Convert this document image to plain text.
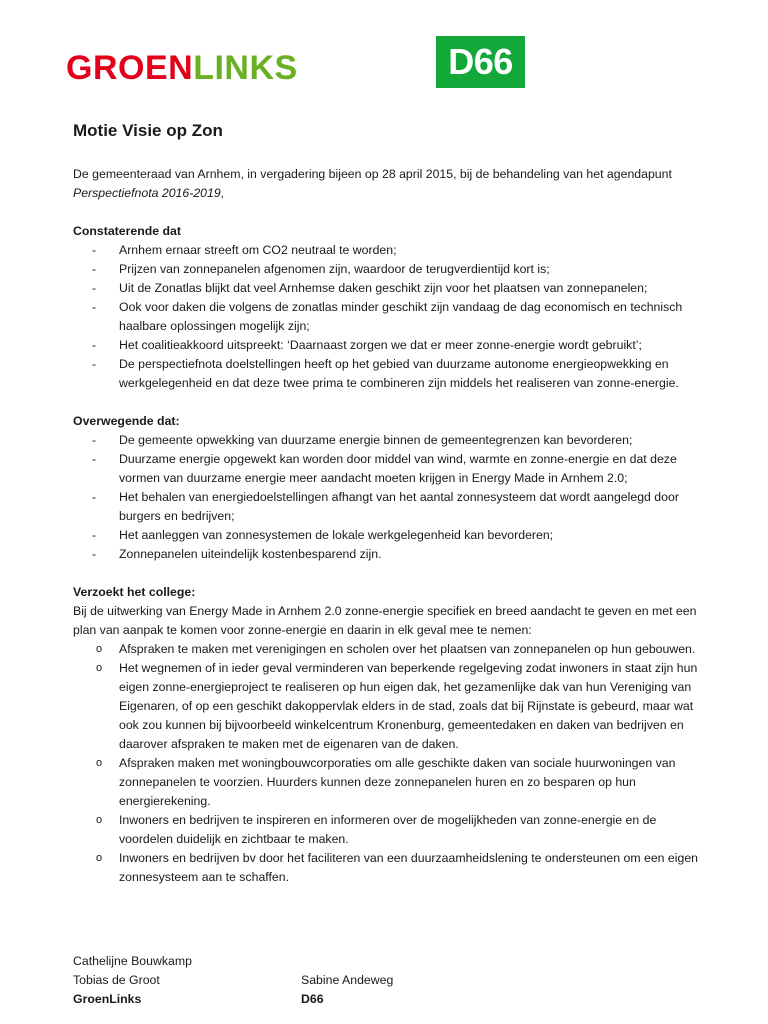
GROENLINKS	D66
Motie Visie op Zon
De gemeenteraad van Arnhem, in vergadering bijeen op 28 april 2015, bij de behandeling van het agendapunt Perspectiefnota 2016-2019,
Constaterende dat
- Arnhem ernaar streeft om CO2 neutraal te worden;
- Prijzen van zonnepanelen afgenomen zijn, waardoor de terugverdientijd kort is;
- Uit de Zonatlas blijkt dat veel Arnhemse daken geschikt zijn voor het plaatsen van zonnepanelen;
- Ook voor daken die volgens de zonatlas minder geschikt zijn vandaag de dag economisch en technisch haalbare oplossingen mogelijk zijn;
- Het coalitieakkoord uitspreekt: ‘Daarnaast zorgen we dat er meer zonne-energie wordt gebruikt’;
- De perspectiefnota doelstellingen heeft op het gebied van duurzame autonome energieopwekking en werkgelegenheid en dat deze twee prima te combineren zijn middels het realiseren van zonne-energie.
Overwegende dat:
- De gemeente opwekking van duurzame energie binnen de gemeentegrenzen kan bevorderen;
- Duurzame energie opgewekt kan worden door middel van wind, warmte en zonne-energie en dat deze vormen van duurzame energie meer aandacht moeten krijgen in Energy Made in Arnhem 2.0;
- Het behalen van energiedoelstellingen afhangt van het aantal zonnesysteem dat wordt aangelegd door burgers en bedrijven;
- Het aanleggen van zonnesystemen de lokale werkgelegenheid kan bevorderen;
- Zonnepanelen uiteindelijk kostenbesparend zijn.
Verzoekt het college:
Bij de uitwerking van Energy Made in Arnhem 2.0 zonne-energie specifiek en breed aandacht te geven en met een plan van aanpak te komen voor zonne-energie en daarin in elk geval mee te nemen:
o Afspraken te maken met verenigingen en scholen over het plaatsen van zonnepanelen op hun gebouwen.
o Het wegnemen of in ieder geval verminderen van beperkende regelgeving zodat inwoners in staat zijn hun eigen zonne-energieproject te realiseren op hun eigen dak, het gezamenlijke dak van hun Vereniging van Eigenaren, of op een geschikt dakoppervlak elders in de stad, zoals dat bij Rijnstate is gebeurd, maar wat ook zou kunnen bij bijvoorbeeld winkelcentrum Kronenburg, gemeentedaken en daken van bedrijven en daarover afspraken te maken met de eigenaren van de daken.
o Afspraken maken met woningbouwcorporaties om alle geschikte daken van sociale huurwoningen van zonnepanelen te voorzien. Huurders kunnen deze zonnepanelen huren en zo besparen op hun energierekening.
o Inwoners en bedrijven te inspireren en informeren over de mogelijkheden van zonne-energie en de voordelen duidelijk en zichtbaar te maken.
o Inwoners en bedrijven bv door het faciliteren van een duurzaamheidslening te ondersteunen om een eigen zonnesysteem aan te schaffen.
Cathelijne Bouwkamp
Tobias de Groot
GroenLinks
Sabine Andeweg
D66
